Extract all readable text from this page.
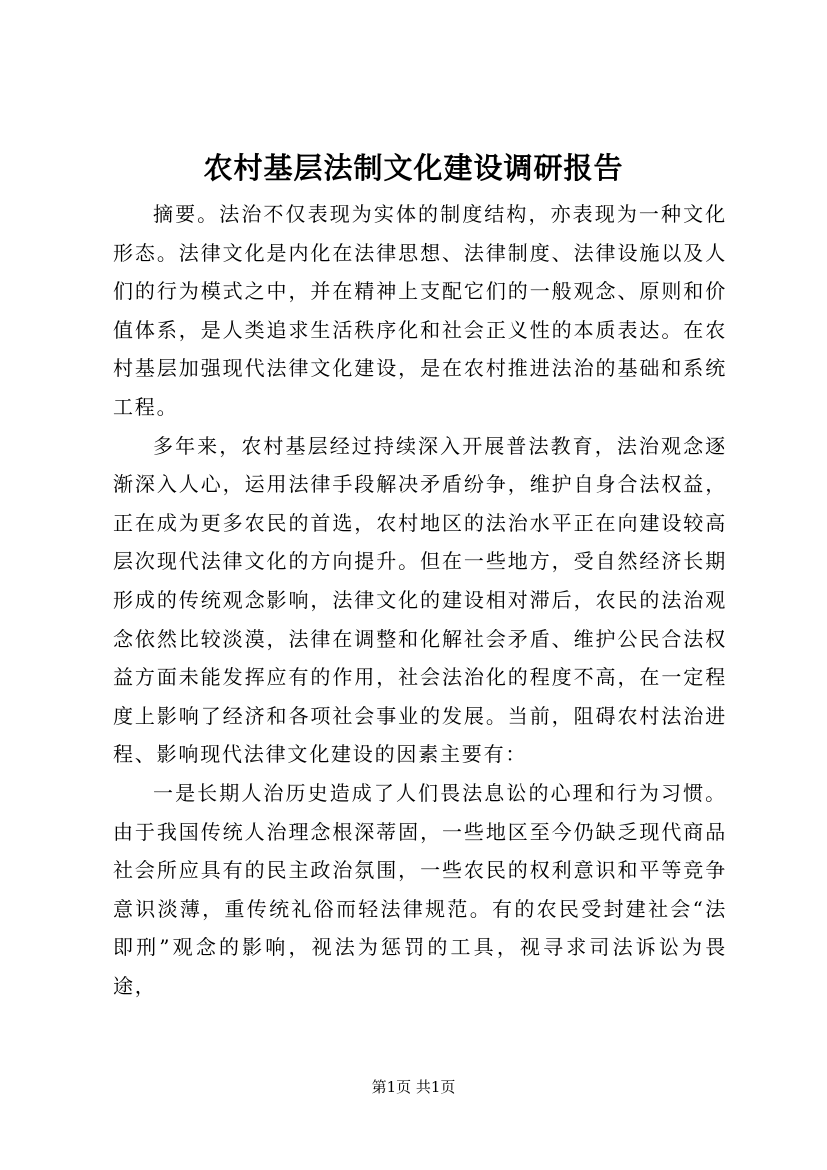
农村基层法制文化建设调研报告

摘要。法治不仅表现为实体的制度结构，亦表现为一种文化形态。法律文化是内化在法律思想、法律制度、法律设施以及人们的行为模式之中，并在精神上支配它们的一般观念、原则和价值体系，是人类追求生活秩序化和社会正义性的本质表达。在农村基层加强现代法律文化建设，是在农村推进法治的基础和系统工程。

多年来，农村基层经过持续深入开展普法教育，法治观念逐渐深入人心，运用法律手段解决矛盾纷争，维护自身合法权益，正在成为更多农民的首选，农村地区的法治水平正在向建设较高层次现代法律文化的方向提升。但在一些地方，受自然经济长期形成的传统观念影响，法律文化的建设相对滞后，农民的法治观念依然比较淡漠，法律在调整和化解社会矛盾、维护公民合法权益方面未能发挥应有的作用，社会法治化的程度不高，在一定程度上影响了经济和各项社会事业的发展。当前，阻碍农村法治进程、影响现代法律文化建设的因素主要有：

一是长期人治历史造成了人们畏法息讼的心理和行为习惯。由于我国传统人治理念根深蒂固，一些地区至今仍缺乏现代商品社会所应具有的民主政治氛围，一些农民的权利意识和平等竞争意识淡薄，重传统礼俗而轻法律规范。有的农民受封建社会“法即刑”观念的影响，视法为惩罚的工具，视寻求司法诉讼为畏途，

第1页 共1页
